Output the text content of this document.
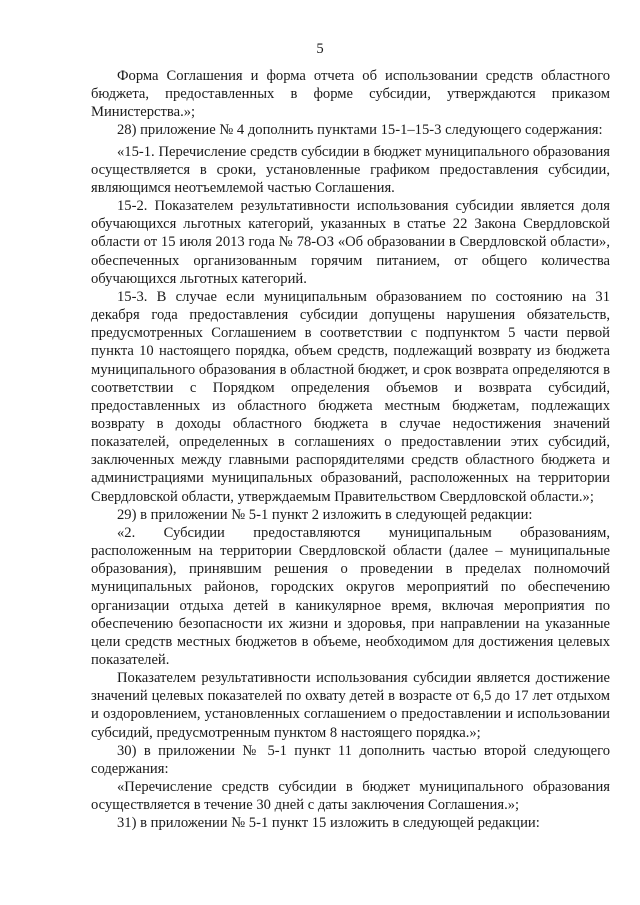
5

Форма Соглашения и форма отчета об использовании средств областного бюджета, предоставленных в форме субсидии, утверждаются приказом Министерства.»;

28) приложение № 4 дополнить пунктами 15-1–15-3 следующего содержания:

«15-1. Перечисление средств субсидии в бюджет муниципального образования осуществляется в сроки, установленные графиком предоставления субсидии, являющимся неотъемлемой частью Соглашения.

15-2. Показателем результативности использования субсидии является доля обучающихся льготных категорий, указанных в статье 22 Закона Свердловской области от 15 июля 2013 года № 78-ОЗ «Об образовании в Свердловской области», обеспеченных организованным горячим питанием, от общего количества обучающихся льготных категорий.

15-3. В случае если муниципальным образованием по состоянию на 31 декабря года предоставления субсидии допущены нарушения обязательств, предусмотренных Соглашением в соответствии с подпунктом 5 части первой пункта 10 настоящего порядка, объем средств, подлежащий возврату из бюджета муниципального образования в областной бюджет, и срок возврата определяются в соответствии с Порядком определения объемов и возврата субсидий, предоставленных из областного бюджета местным бюджетам, подлежащих возврату в доходы областного бюджета в случае недостижения значений показателей, определенных в соглашениях о предоставлении этих субсидий, заключенных между главными распорядителями средств областного бюджета и администрациями муниципальных образований, расположенных на территории Свердловской области, утверждаемым Правительством Свердловской области.»;

29) в приложении № 5-1 пункт 2 изложить в следующей редакции:

«2. Субсидии предоставляются муниципальным образованиям, расположенным на территории Свердловской области (далее – муниципальные образования), принявшим решения о проведении в пределах полномочий муниципальных районов, городских округов мероприятий по обеспечению организации отдыха детей в каникулярное время, включая мероприятия по обеспечению безопасности их жизни и здоровья, при направлении на указанные цели средств местных бюджетов в объеме, необходимом для достижения целевых показателей.

Показателем результативности использования субсидии является достижение значений целевых показателей по охвату детей в возрасте от 6,5 до 17 лет отдыхом и оздоровлением, установленных соглашением о предоставлении и использовании субсидий, предусмотренным пунктом 8 настоящего порядка.»;

30) в приложении № 5-1 пункт 11 дополнить частью второй следующего содержания:

«Перечисление средств субсидии в бюджет муниципального образования осуществляется в течение 30 дней с даты заключения Соглашения.»;

31) в приложении № 5-1 пункт 15 изложить в следующей редакции:
